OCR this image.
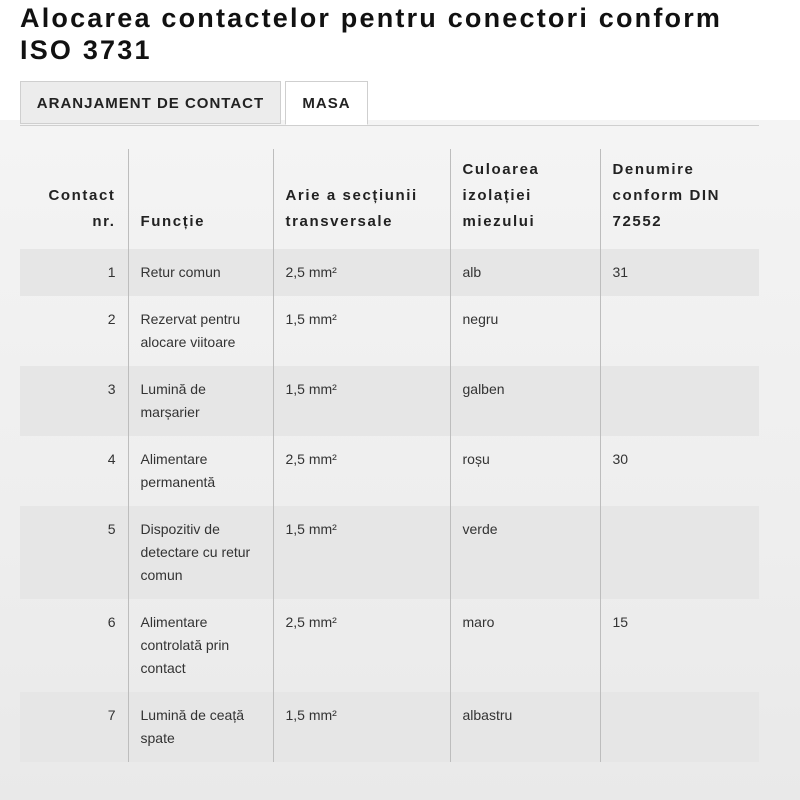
Alocarea contactelor pentru conectori conform ISO 3731
ARANJAMENT DE CONTACT	MASA
Contact nr.	Funcție	Arie a secțiunii transversale	Culoarea izolației miezului	Denumire conform DIN 72552
1	Retur comun	2,5 mm²	alb	31
2	Rezervat pentru alocare viitoare	1,5 mm²	negru	
3	Lumină de marșarier	1,5 mm²	galben	
4	Alimentare permanentă	2,5 mm²	roșu	30
5	Dispozitiv de detectare cu retur comun	1,5 mm²	verde	
6	Alimentare controlată prin contact	2,5 mm²	maro	15
7	Lumină de ceață spate	1,5 mm²	albastru	
